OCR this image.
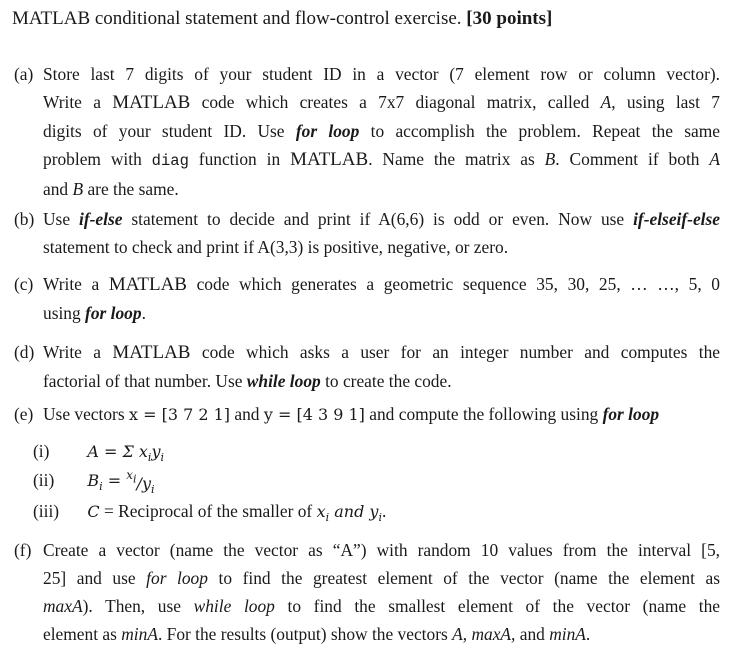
MATLAB conditional statement and flow-control exercise. [30 points]
(a) Store last 7 digits of your student ID in a vector (7 element row or column vector).
Write a MATLAB code which creates a 7x7 diagonal matrix, called A, using last 7
digits of your student ID. Use for loop to accomplish the problem. Repeat the same
problem with diag function in MATLAB. Name the matrix as B. Comment if both A
and B are the same.
(b) Use if-else statement to decide and print if A(6,6) is odd or even. Now use if-elseif-else
statement to check and print if A(3,3) is positive, negative, or zero.
(c) Write a MATLAB code which generates a geometric sequence 35, 30, 25, … …, 5, 0
using for loop.
(d) Write a MATLAB code which asks a user for an integer number and computes the
factorial of that number. Use while loop to create the code.
(e) Use vectors x = [3 7 2 1] and y = [4 3 9 1] and compute the following using for loop
(i) A = Σ $x_iy_i$
(ii) $B_i = ^{x_i}/y_i$
(iii) C = Reciprocal of the smaller of $x_i$ and $y_i$.
(f) Create a vector (name the vector as “A”) with random 10 values from the interval [5,
25] and use for loop to find the greatest element of the vector (name the element as
maxA). Then, use while loop to find the smallest element of the vector (name the
element as minA. For the results (output) show the vectors A, maxA, and minA.
